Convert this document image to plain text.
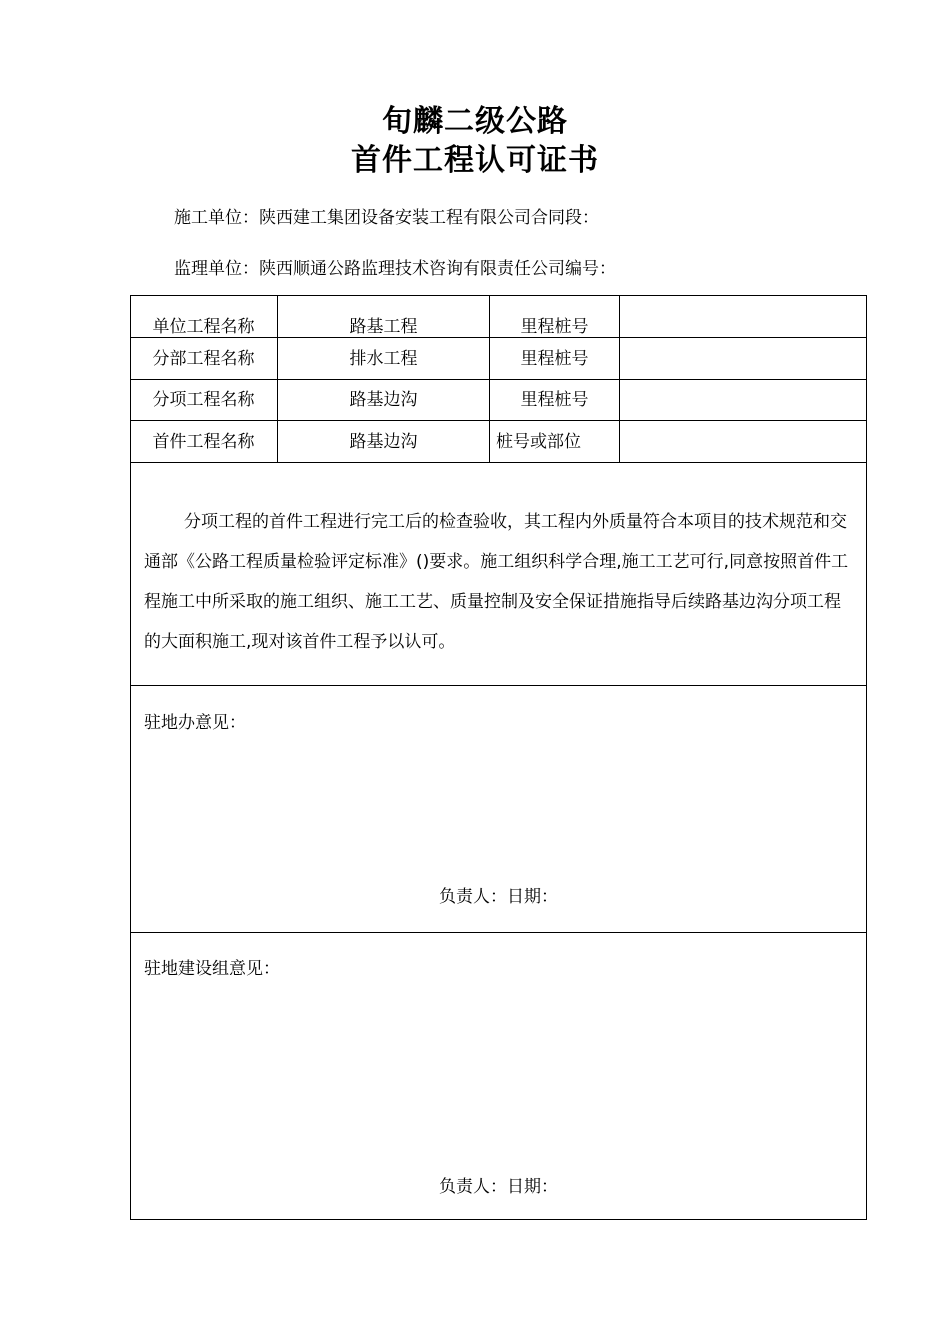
旬麟二级公路
首件工程认可证书
施工单位：陕西建工集团设备安装工程有限公司合同段：
监理单位：陕西顺通公路监理技术咨询有限责任公司编号：
单位工程名称	路基工程	里程桩号
分部工程名称	排水工程	里程桩号
分项工程名称	路基边沟	里程桩号
首件工程名称	路基边沟	桩号或部位
分项工程的首件工程进行完工后的检查验收，其工程内外质量符合本项目的技术规范和交通部《公路工程质量检验评定标准》()要求。施工组织科学合理,施工工艺可行,同意按照首件工程施工中所采取的施工组织、施工工艺、质量控制及安全保证措施指导后续路基边沟分项工程的大面积施工,现对该首件工程予以认可。
驻地办意见：
负责人：日期：
驻地建设组意见：
负责人：日期：
